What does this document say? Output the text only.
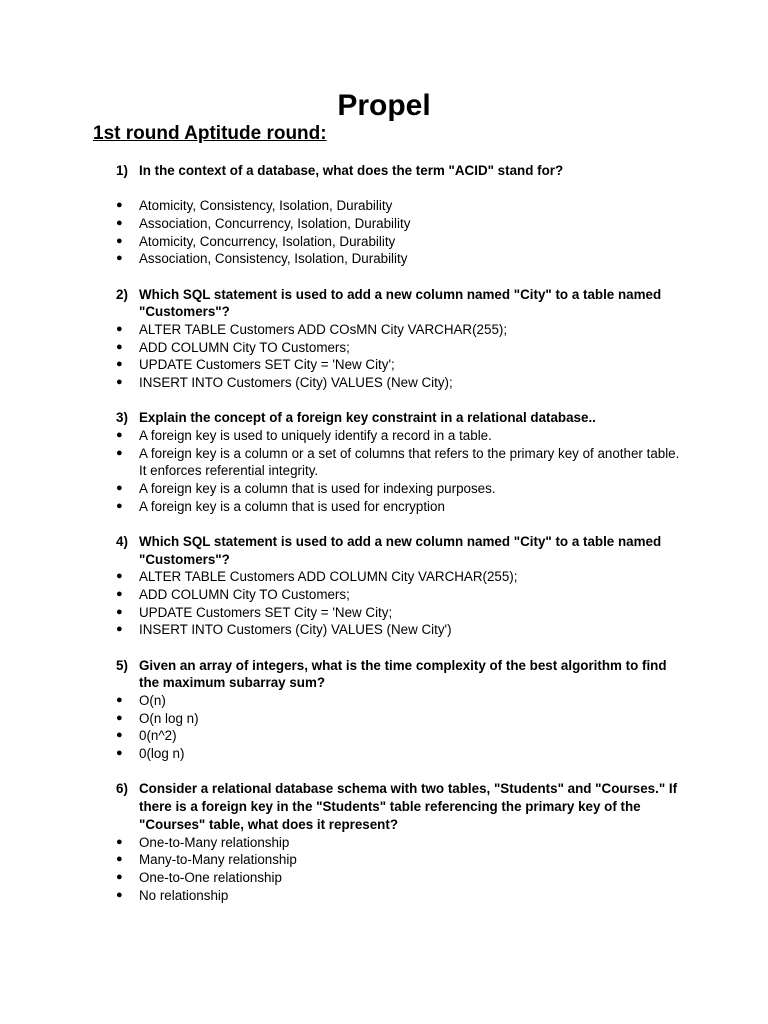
Propel
1st round Aptitude round:
1) In the context of a database, what does the term "ACID" stand for?
●	Atomicity, Consistency, Isolation, Durability
●	Association, Concurrency, Isolation, Durability
●	Atomicity, Concurrency, Isolation, Durability
●	Association, Consistency, Isolation, Durability
2) Which SQL statement is used to add a new column named "City" to a table named "Customers"?
●	ALTER TABLE Customers ADD COsMN City VARCHAR(255);
●	ADD COLUMN City TO Customers;
●	UPDATE Customers SET City = 'New City';
●	INSERT INTO Customers (City) VALUES (New City);
3) Explain the concept of a foreign key constraint in a relational database..
●	A foreign key is used to uniquely identify a record in a table.
●	A foreign key is a column or a set of columns that refers to the primary key of another table. It enforces referential integrity.
●	A foreign key is a column that is used for indexing purposes.
●	A foreign key is a column that is used for encryption
4) Which SQL statement is used to add a new column named "City" to a table named "Customers"?
●	ALTER TABLE Customers ADD COLUMN City VARCHAR(255);
●	ADD COLUMN City TO Customers;
●	UPDATE Customers SET City = 'New City;
●	INSERT INTO Customers (City) VALUES (New City')
5) Given an array of integers, what is the time complexity of the best algorithm to find the maximum subarray sum?
●	O(n)
●	O(n log n)
●	0(n^2)
●	0(log n)
6) Consider a relational database schema with two tables, "Students" and "Courses." If there is a foreign key in the "Students" table referencing the primary key of the "Courses" table, what does it represent?
●	One-to-Many relationship
●	Many-to-Many relationship
●	One-to-One relationship
●	No relationship
